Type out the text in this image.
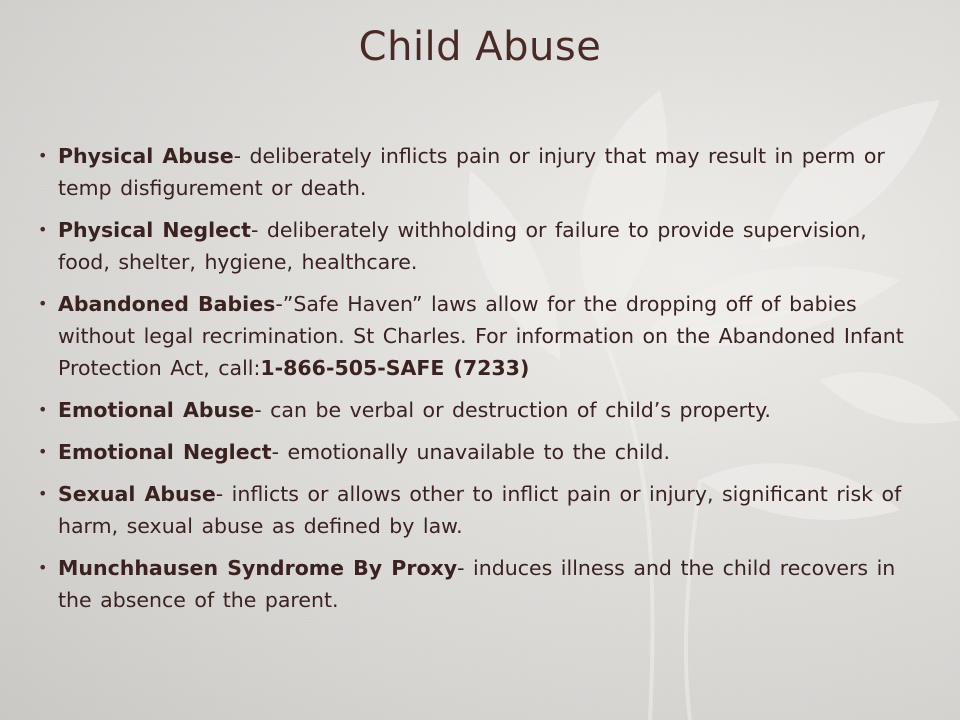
Child Abuse
• Physical Abuse- deliberately inflicts pain or injury that may result in perm or temp disfigurement or death.
• Physical Neglect- deliberately withholding or failure to provide supervision, food, shelter, hygiene, healthcare.
• Abandoned Babies-”Safe Haven” laws allow for the dropping off of babies without legal recrimination. St Charles. For information on the Abandoned Infant Protection Act, call:1-866-505-SAFE (7233)
• Emotional Abuse- can be verbal or destruction of child’s property.
• Emotional Neglect- emotionally unavailable to the child.
• Sexual Abuse- inflicts or allows other to inflict pain or injury, significant risk of harm, sexual abuse as defined by law.
• Munchhausen Syndrome By Proxy- induces illness and the child recovers in the absence of the parent.
